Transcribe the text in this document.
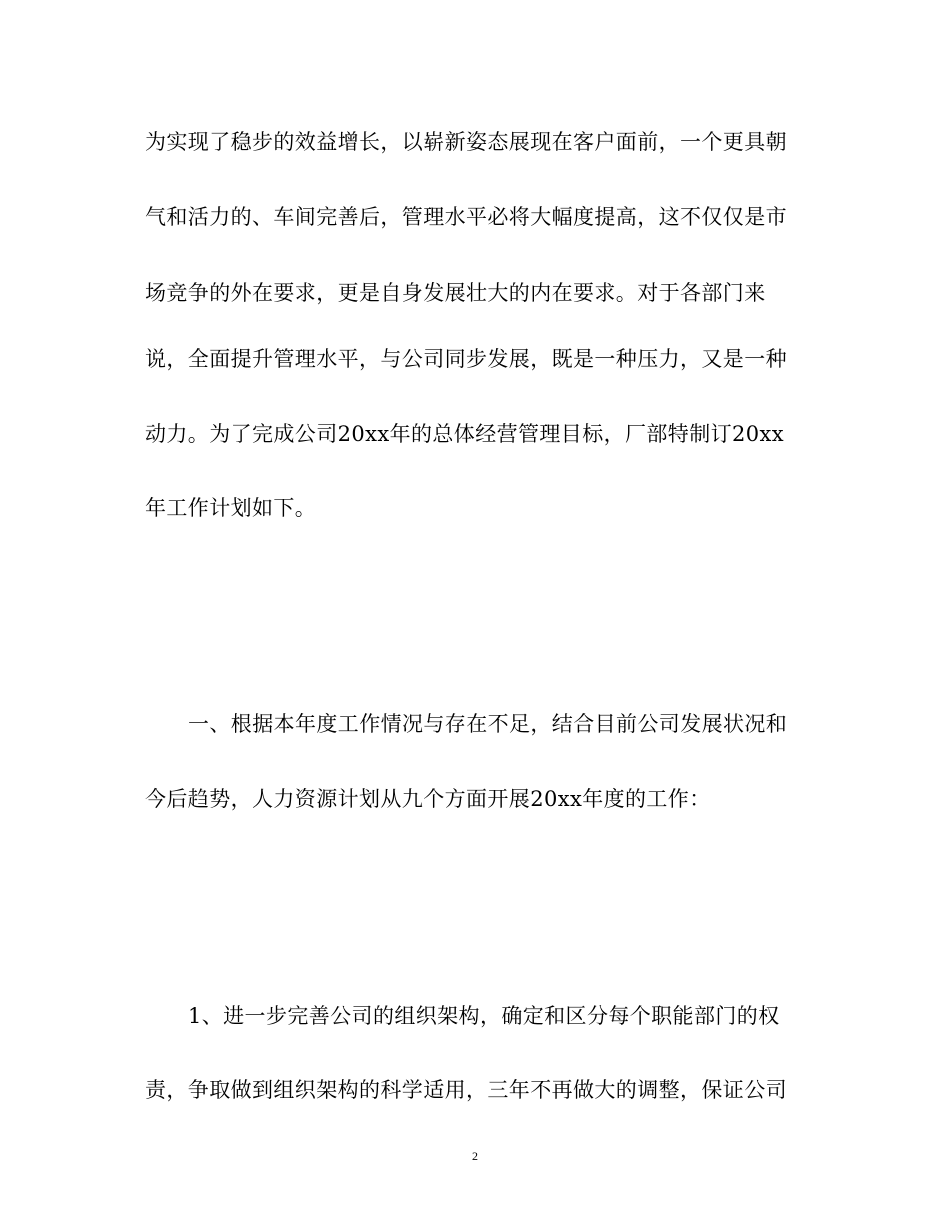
为实现了稳步的效益增长，以崭新姿态展现在客户面前，一个更具朝
气和活力的、车间完善后，管理水平必将大幅度提高，这不仅仅是市
场竞争的外在要求，更是自身发展壮大的内在要求。对于各部门来
说，全面提升管理水平，与公司同步发展，既是一种压力，又是一种
动力。为了完成公司20xx年的总体经营管理目标，厂部特制订20xx
年工作计划如下。
一、根据本年度工作情况与存在不足，结合目前公司发展状况和
今后趋势，人力资源计划从九个方面开展20xx年度的工作：
1、进一步完善公司的组织架构，确定和区分每个职能部门的权
责，争取做到组织架构的科学适用，三年不再做大的调整，保证公司
2
